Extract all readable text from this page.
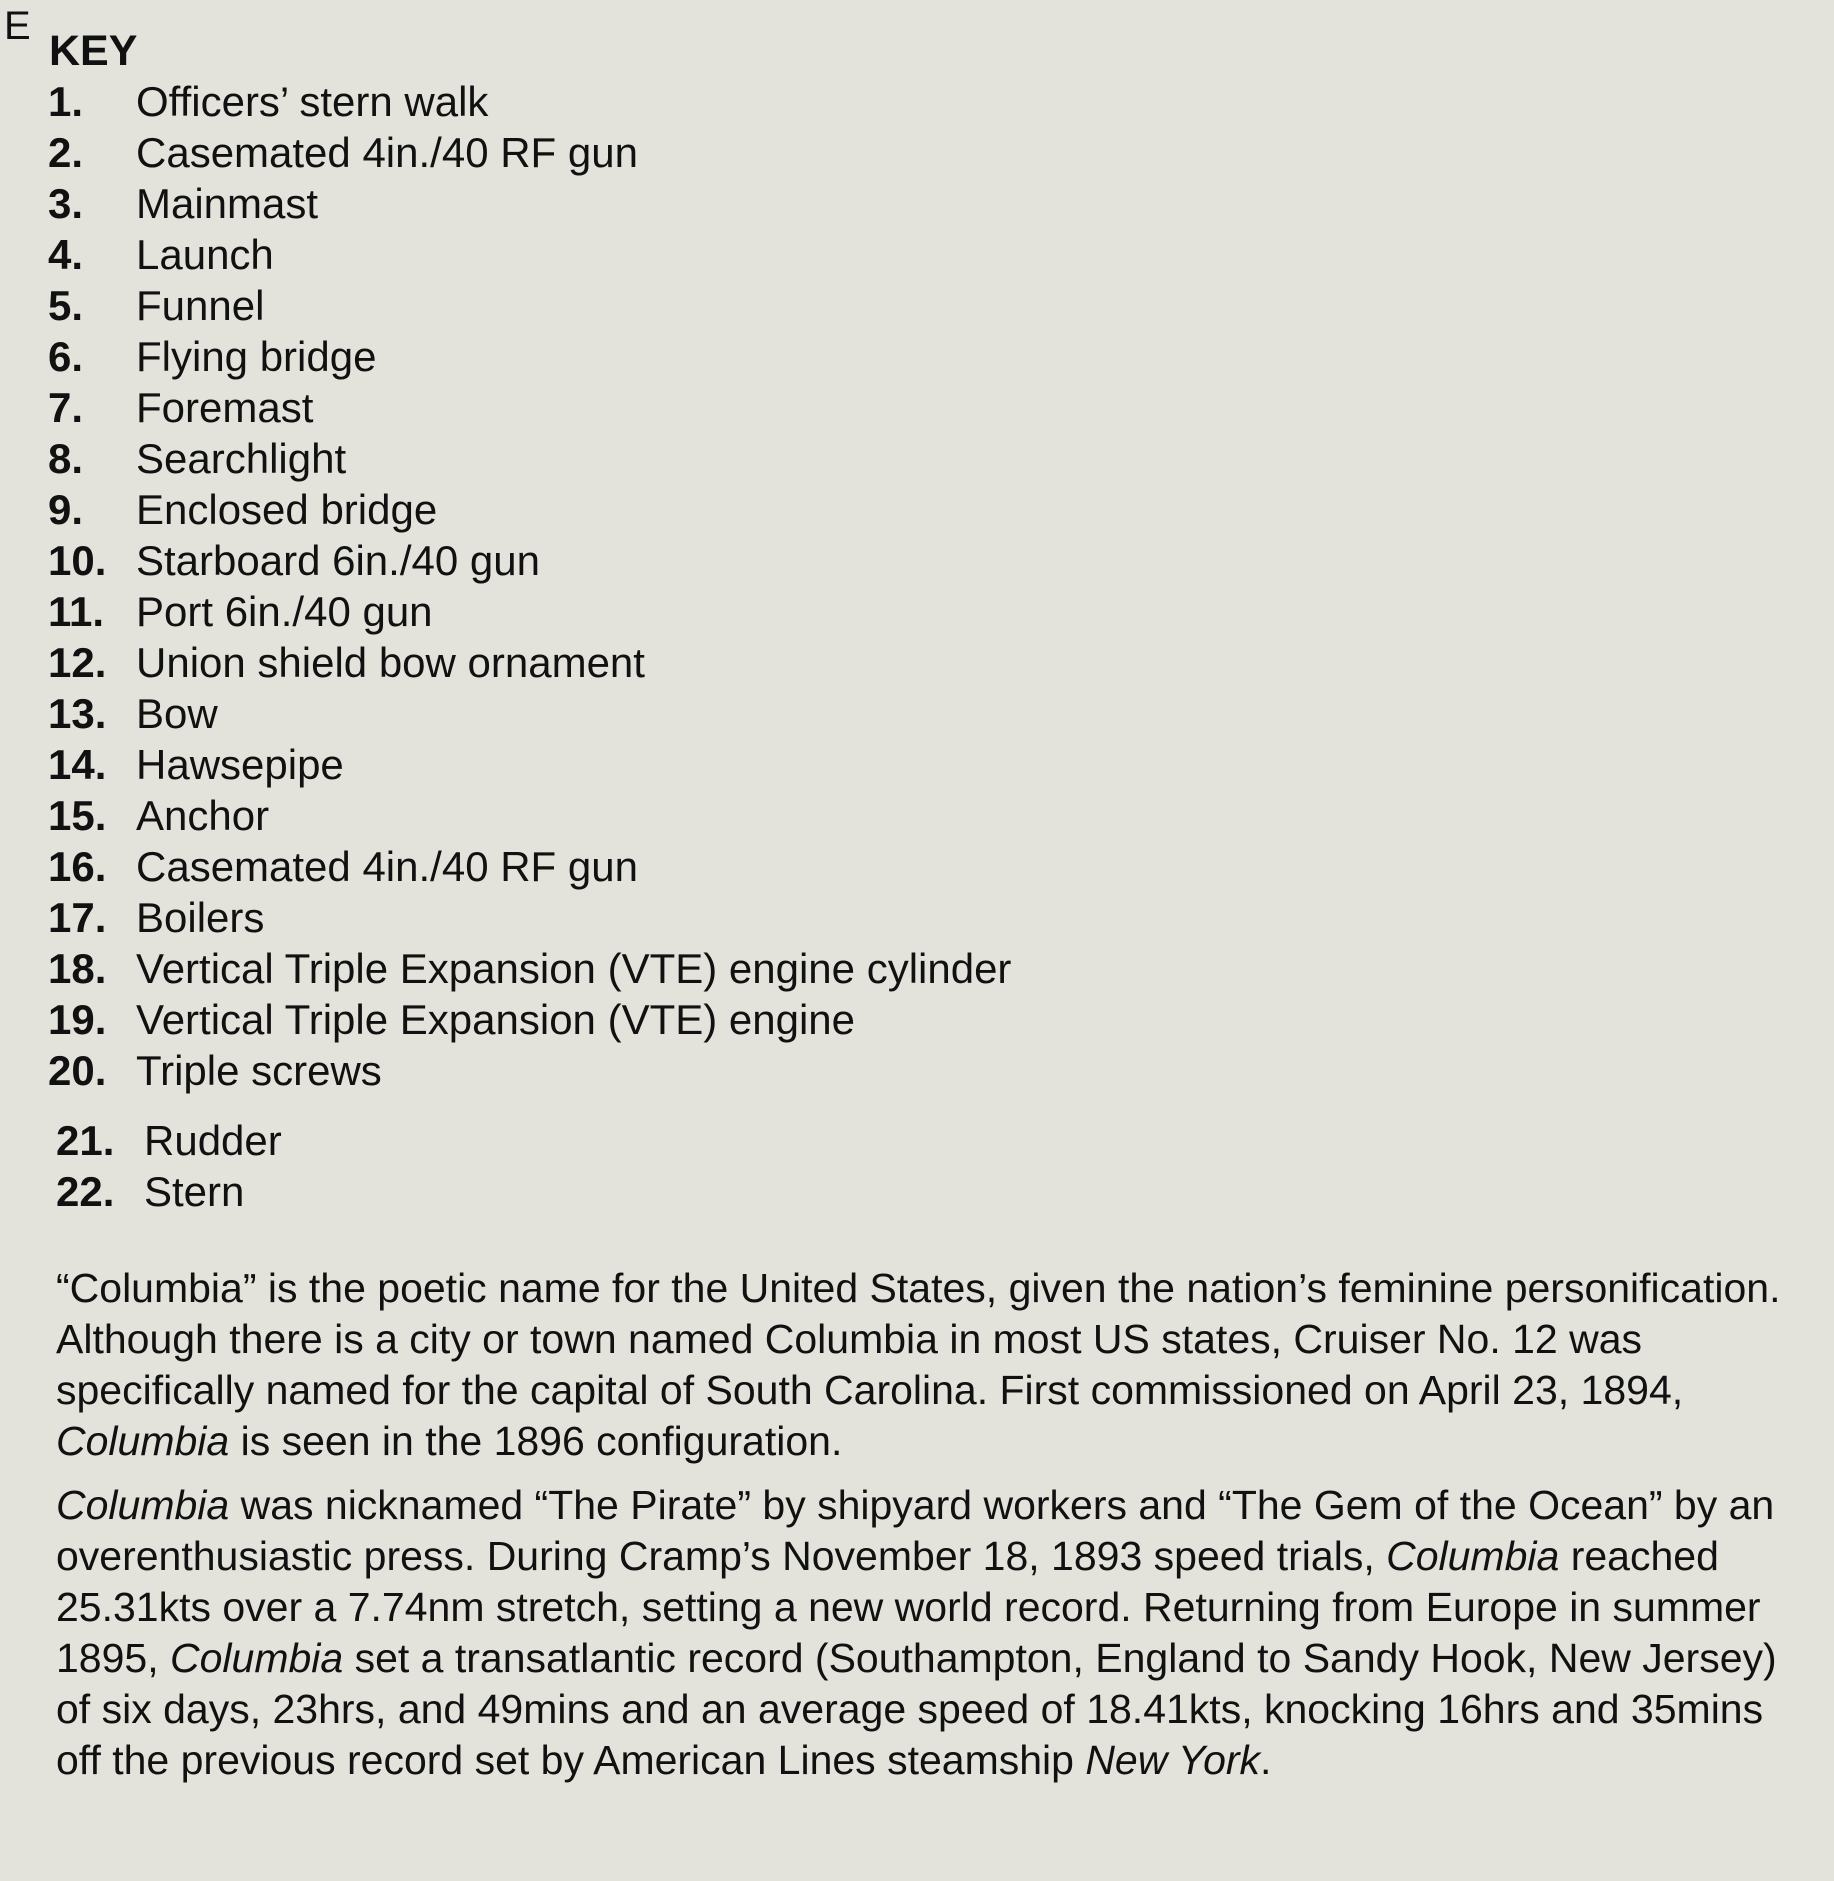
E
KEY
1.	Officers’ stern walk
2.	Casemated 4in./40 RF gun
3.	Mainmast
4.	Launch
5.	Funnel
6.	Flying bridge
7.	Foremast
8.	Searchlight
9.	Enclosed bridge
10. Starboard 6in./40 gun
11. Port 6in./40 gun
12. Union shield bow ornament
13. Bow
14. Hawsepipe
15. Anchor
16. Casemated 4in./40 RF gun
17. Boilers
18. Vertical Triple Expansion (VTE) engine cylinder
19. Vertical Triple Expansion (VTE) engine
20. Triple screws
21. Rudder
22. Stern

“Columbia” is the poetic name for the United States, given the nation’s feminine personification. Although there is a city or town named Columbia in most US states, Cruiser No. 12 was specifically named for the capital of South Carolina. First commissioned on April 23, 1894, Columbia is seen in the 1896 configuration.

Columbia was nicknamed “The Pirate” by shipyard workers and “The Gem of the Ocean” by an overenthusiastic press. During Cramp’s November 18, 1893 speed trials, Columbia reached 25.31kts over a 7.74nm stretch, setting a new world record. Returning from Europe in summer 1895, Columbia set a transatlantic record (Southampton, England to Sandy Hook, New Jersey) of six days, 23hrs, and 49mins and an average speed of 18.41kts, knocking 16hrs and 35mins off the previous record set by American Lines steamship New York.
